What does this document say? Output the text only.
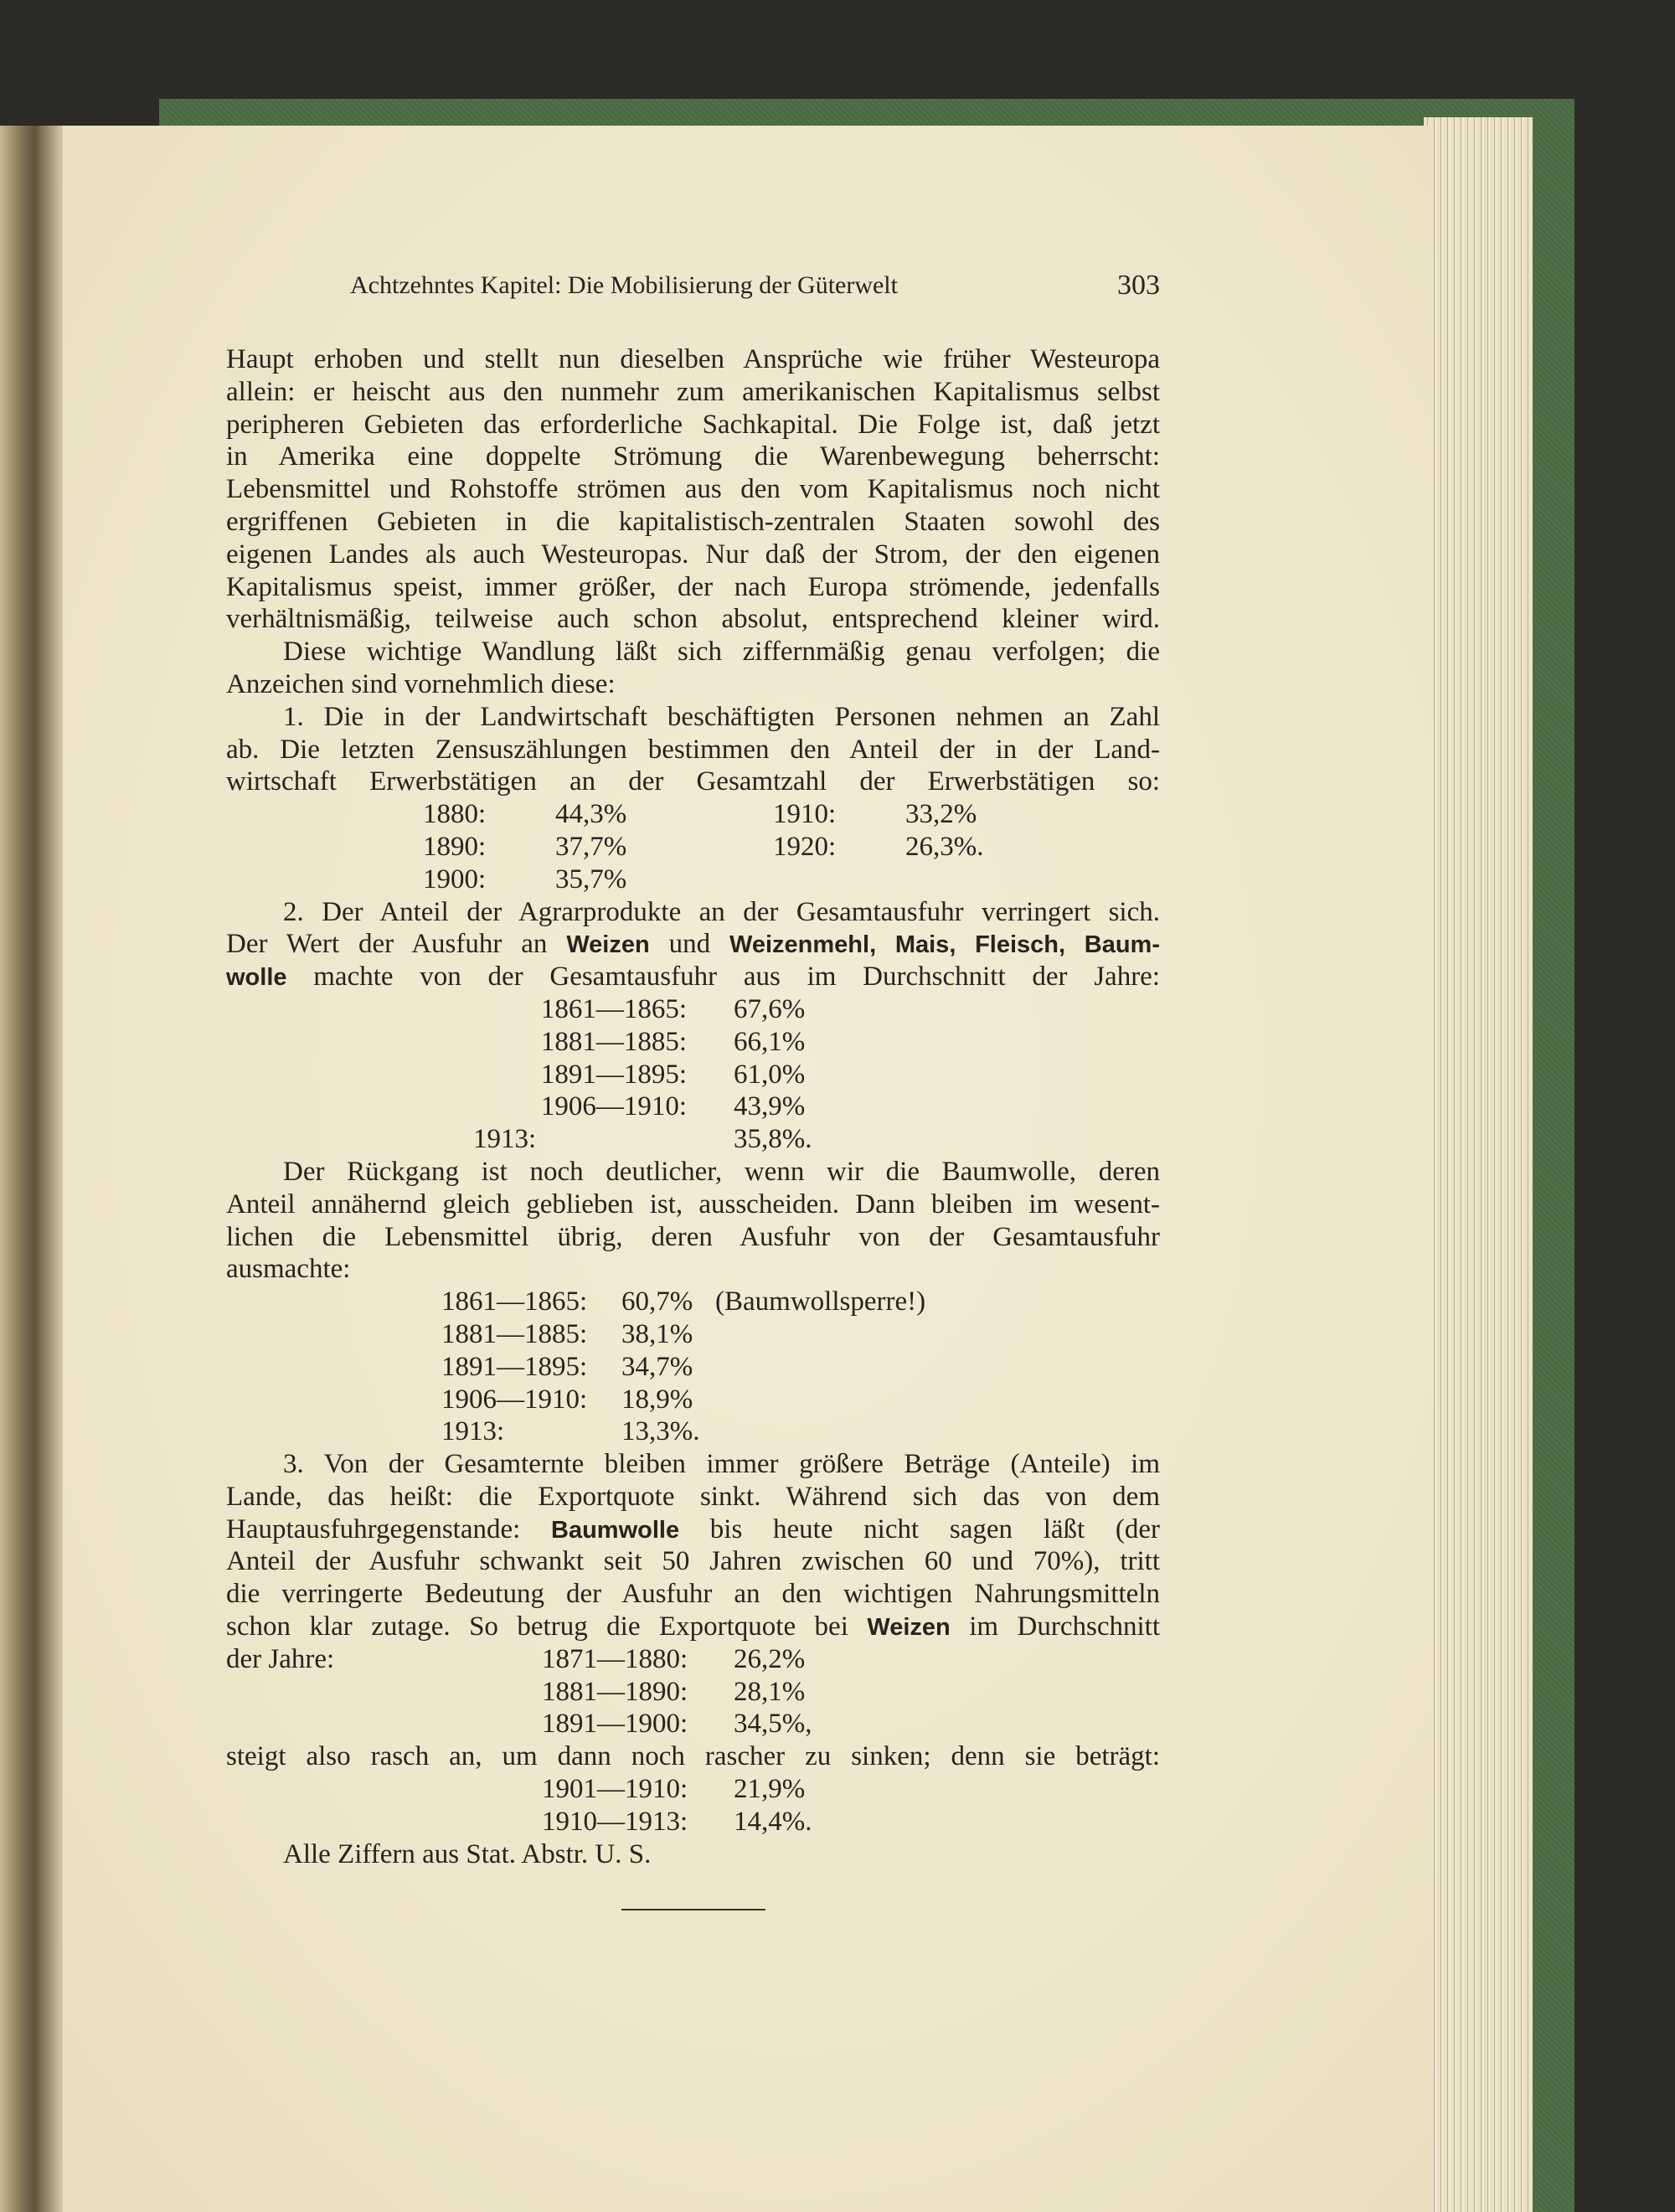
Achtzehntes Kapitel: Die Mobilisierung der Güterwelt	303
Haupt erhoben und stellt nun dieselben Ansprüche wie früher Westeuropa
allein: er heischt aus den nunmehr zum amerikanischen Kapitalismus selbst
peripheren Gebieten das erforderliche Sachkapital. Die Folge ist, daß jetzt
in Amerika eine doppelte Strömung die Warenbewegung beherrscht:
Lebensmittel und Rohstoffe strömen aus den vom Kapitalismus noch nicht
ergriffenen Gebieten in die kapitalistisch-zentralen Staaten sowohl des
eigenen Landes als auch Westeuropas. Nur daß der Strom, der den eigenen
Kapitalismus speist, immer größer, der nach Europa strömende, jedenfalls
verhältnismäßig, teilweise auch schon absolut, entsprechend kleiner wird.
Diese wichtige Wandlung läßt sich ziffernmäßig genau verfolgen; die
Anzeichen sind vornehmlich diese:
1. Die in der Landwirtschaft beschäftigten Personen nehmen an Zahl
ab. Die letzten Zensuszählungen bestimmen den Anteil der in der Land-
wirtschaft Erwerbstätigen an der Gesamtzahl der Erwerbstätigen so:
1880:	44,3%	1910:	33,2%
1890:	37,7%	1920:	26,3%.
1900:	35,7%
2. Der Anteil der Agrarprodukte an der Gesamtausfuhr verringert sich.
Der Wert der Ausfuhr an Weizen und Weizenmehl, Mais, Fleisch, Baum-
wolle machte von der Gesamtausfuhr aus im Durchschnitt der Jahre:
1861—1865: 67,6%
1881—1885: 66,1%
1891—1895: 61,0%
1906—1910: 43,9%
1913:	35,8%.
Der Rückgang ist noch deutlicher, wenn wir die Baumwolle, deren
Anteil annähernd gleich geblieben ist, ausscheiden. Dann bleiben im wesent-
lichen die Lebensmittel übrig, deren Ausfuhr von der Gesamtausfuhr
ausmachte:
1861—1865: 60,7% (Baumwollsperre!)
1881—1885: 38,1%
1891—1895: 34,7%
1906—1910: 18,9%
1913:	13,3%.
3. Von der Gesamternte bleiben immer größere Beträge (Anteile) im
Lande, das heißt: die Exportquote sinkt. Während sich das von dem
Hauptausfuhrgegenstande: Baumwolle bis heute nicht sagen läßt (der
Anteil der Ausfuhr schwankt seit 50 Jahren zwischen 60 und 70%), tritt
die verringerte Bedeutung der Ausfuhr an den wichtigen Nahrungsmitteln
schon klar zutage. So betrug die Exportquote bei Weizen im Durchschnitt
der Jahre:	1871—1880: 26,2%
1881—1890: 28,1%
1891—1900: 34,5%,
steigt also rasch an, um dann noch rascher zu sinken; denn sie beträgt:
1901—1910: 21,9%
1910—1913: 14,4%.
Alle Ziffern aus Stat. Abstr. U. S.
